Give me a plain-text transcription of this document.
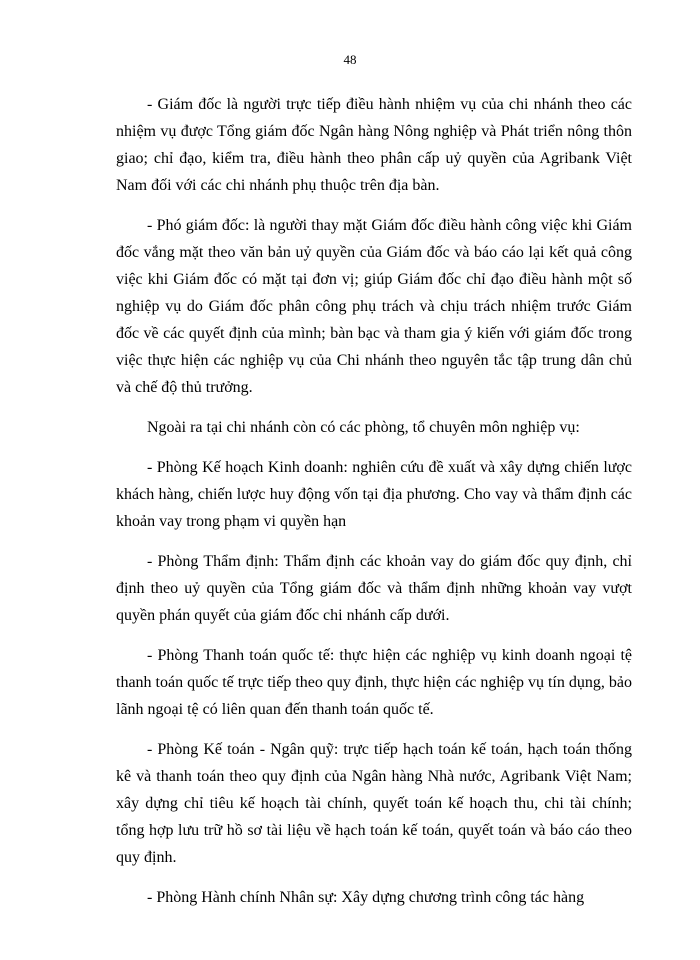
48

- Giám đốc là người trực tiếp điều hành nhiệm vụ của chi nhánh theo các nhiệm vụ được Tổng giám đốc Ngân hàng Nông nghiệp và Phát triển nông thôn giao; chỉ đạo, kiểm tra, điều hành theo phân cấp uỷ quyền của Agribank Việt Nam đối với các chi nhánh phụ thuộc trên địa bàn.

- Phó giám đốc: là người thay mặt Giám đốc điều hành công việc khi Giám đốc vắng mặt theo văn bản uỷ quyền của Giám đốc và báo cáo lại kết quả công việc khi Giám đốc có mặt tại đơn vị; giúp Giám đốc chỉ đạo điều hành một số nghiệp vụ do Giám đốc phân công phụ trách và chịu trách nhiệm trước Giám đốc về các quyết định của mình; bàn bạc và tham gia ý kiến với giám đốc trong việc thực hiện các nghiệp vụ của Chi nhánh theo nguyên tắc tập trung dân chủ và chế độ thủ trưởng.

Ngoài ra tại chi nhánh còn có các phòng, tổ chuyên môn nghiệp vụ:

- Phòng Kế hoạch Kinh doanh: nghiên cứu đề xuất và xây dựng chiến lược khách hàng, chiến lược huy động vốn tại địa phương. Cho vay và thẩm định các khoản vay trong phạm vi quyền hạn

- Phòng Thẩm định: Thẩm định các khoản vay do giám đốc quy định, chỉ định theo uỷ quyền của Tổng giám đốc và thẩm định những khoản vay vượt quyền phán quyết của giám đốc chi nhánh cấp dưới.

- Phòng Thanh toán quốc tế: thực hiện các nghiệp vụ kinh doanh ngoại tệ thanh toán quốc tế trực tiếp theo quy định, thực hiện các nghiệp vụ tín dụng, bảo lãnh ngoại tệ có liên quan đến thanh toán quốc tế.

- Phòng Kế toán - Ngân quỹ: trực tiếp hạch toán kế toán, hạch toán thống kê và thanh toán theo quy định của Ngân hàng Nhà nước, Agribank Việt Nam; xây dựng chỉ tiêu kế hoạch tài chính, quyết toán kế hoạch thu, chi tài chính; tổng hợp lưu trữ hồ sơ tài liệu về hạch toán kế toán, quyết toán và báo cáo theo quy định.

- Phòng Hành chính Nhân sự: Xây dựng chương trình công tác hàng
